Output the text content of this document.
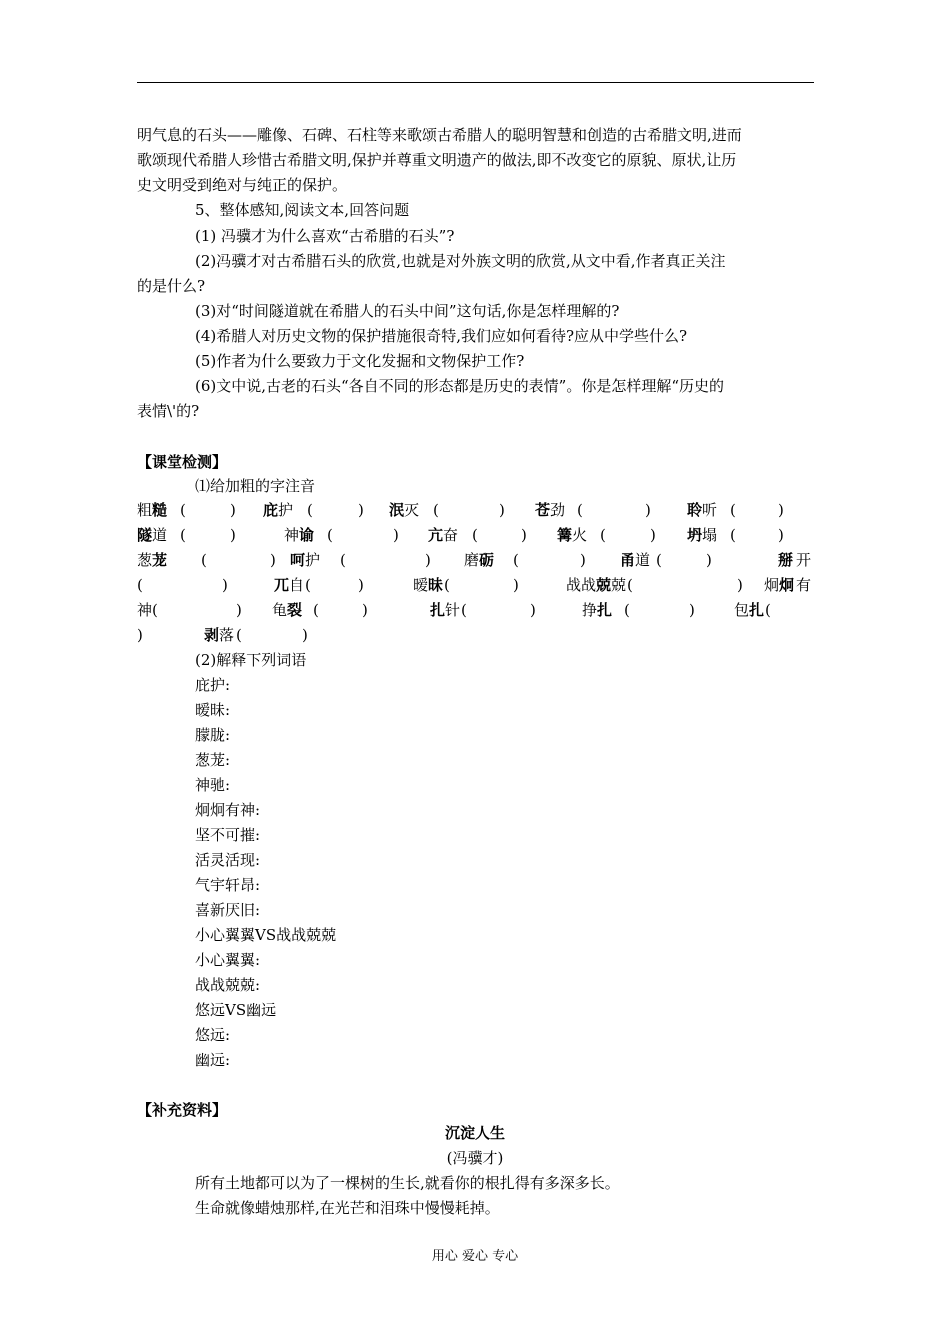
明气息的石头——雕像、石碑、石柱等来歌颂古希腊人的聪明智慧和创造的古希腊文明,进而
歌颂现代希腊人珍惜古希腊文明,保护并尊重文明遗产的做法,即不改变它的原貌、原状,让历
史文明受到绝对与纯正的保护。
5、整体感知,阅读文本,回答问题
(1) 冯骥才为什么喜欢“古希腊的石头”?
(2)冯骥才对古希腊石头的欣赏,也就是对外族文明的欣赏,从文中看,作者真正关注
的是什么?
(3)对“时间隧道就在希腊人的石头中间”这句话,你是怎样理解的?
(4)希腊人对历史文物的保护措施很奇特,我们应如何看待?应从中学些什么?
(5)作者为什么要致力于文化发掘和文物保护工作?
(6)文中说,古老的石头“各自不同的形态都是历史的表情”。你是怎样理解“历史的
表情\'的?
【课堂检测】
⑴给加粗的字注音
粗 糙 (	) 庇 护 (	) 泯 灭 (	) 苍 劲 (	) 聆 听 (	)
隧 道 (	)	神 谕 (	) 亢 奋 (	) 篝 火 (	) 坍 塌 (	)
葱 茏 (	) 呵 护 (	) 磨 砺 (	) 甬 道 (	)	掰 开
(	)	兀 自 (	)	暧 昧 (	)	战战 兢 兢 (	) 炯 炯 有
神 (	) 龟 裂 (	)	扎 针 (	)	挣 扎 (	)	包 扎 (
)	剥 落 (	)
(2)解释下列词语
庇护:
暧昧:
朦胧:
葱茏:
神驰:
炯炯有神:
坚不可摧:
活灵活现:
气宇轩昂:
喜新厌旧:
小心翼翼VS战战兢兢
小心翼翼:
战战兢兢:
悠远VS幽远
悠远:
幽远:
【补充资料】
沉淀人生
(冯骥才)
所有土地都可以为了一棵树的生长,就看你的根扎得有多深多长。
生命就像蜡烛那样,在光芒和泪珠中慢慢耗掉。
用心 爱心 专心
